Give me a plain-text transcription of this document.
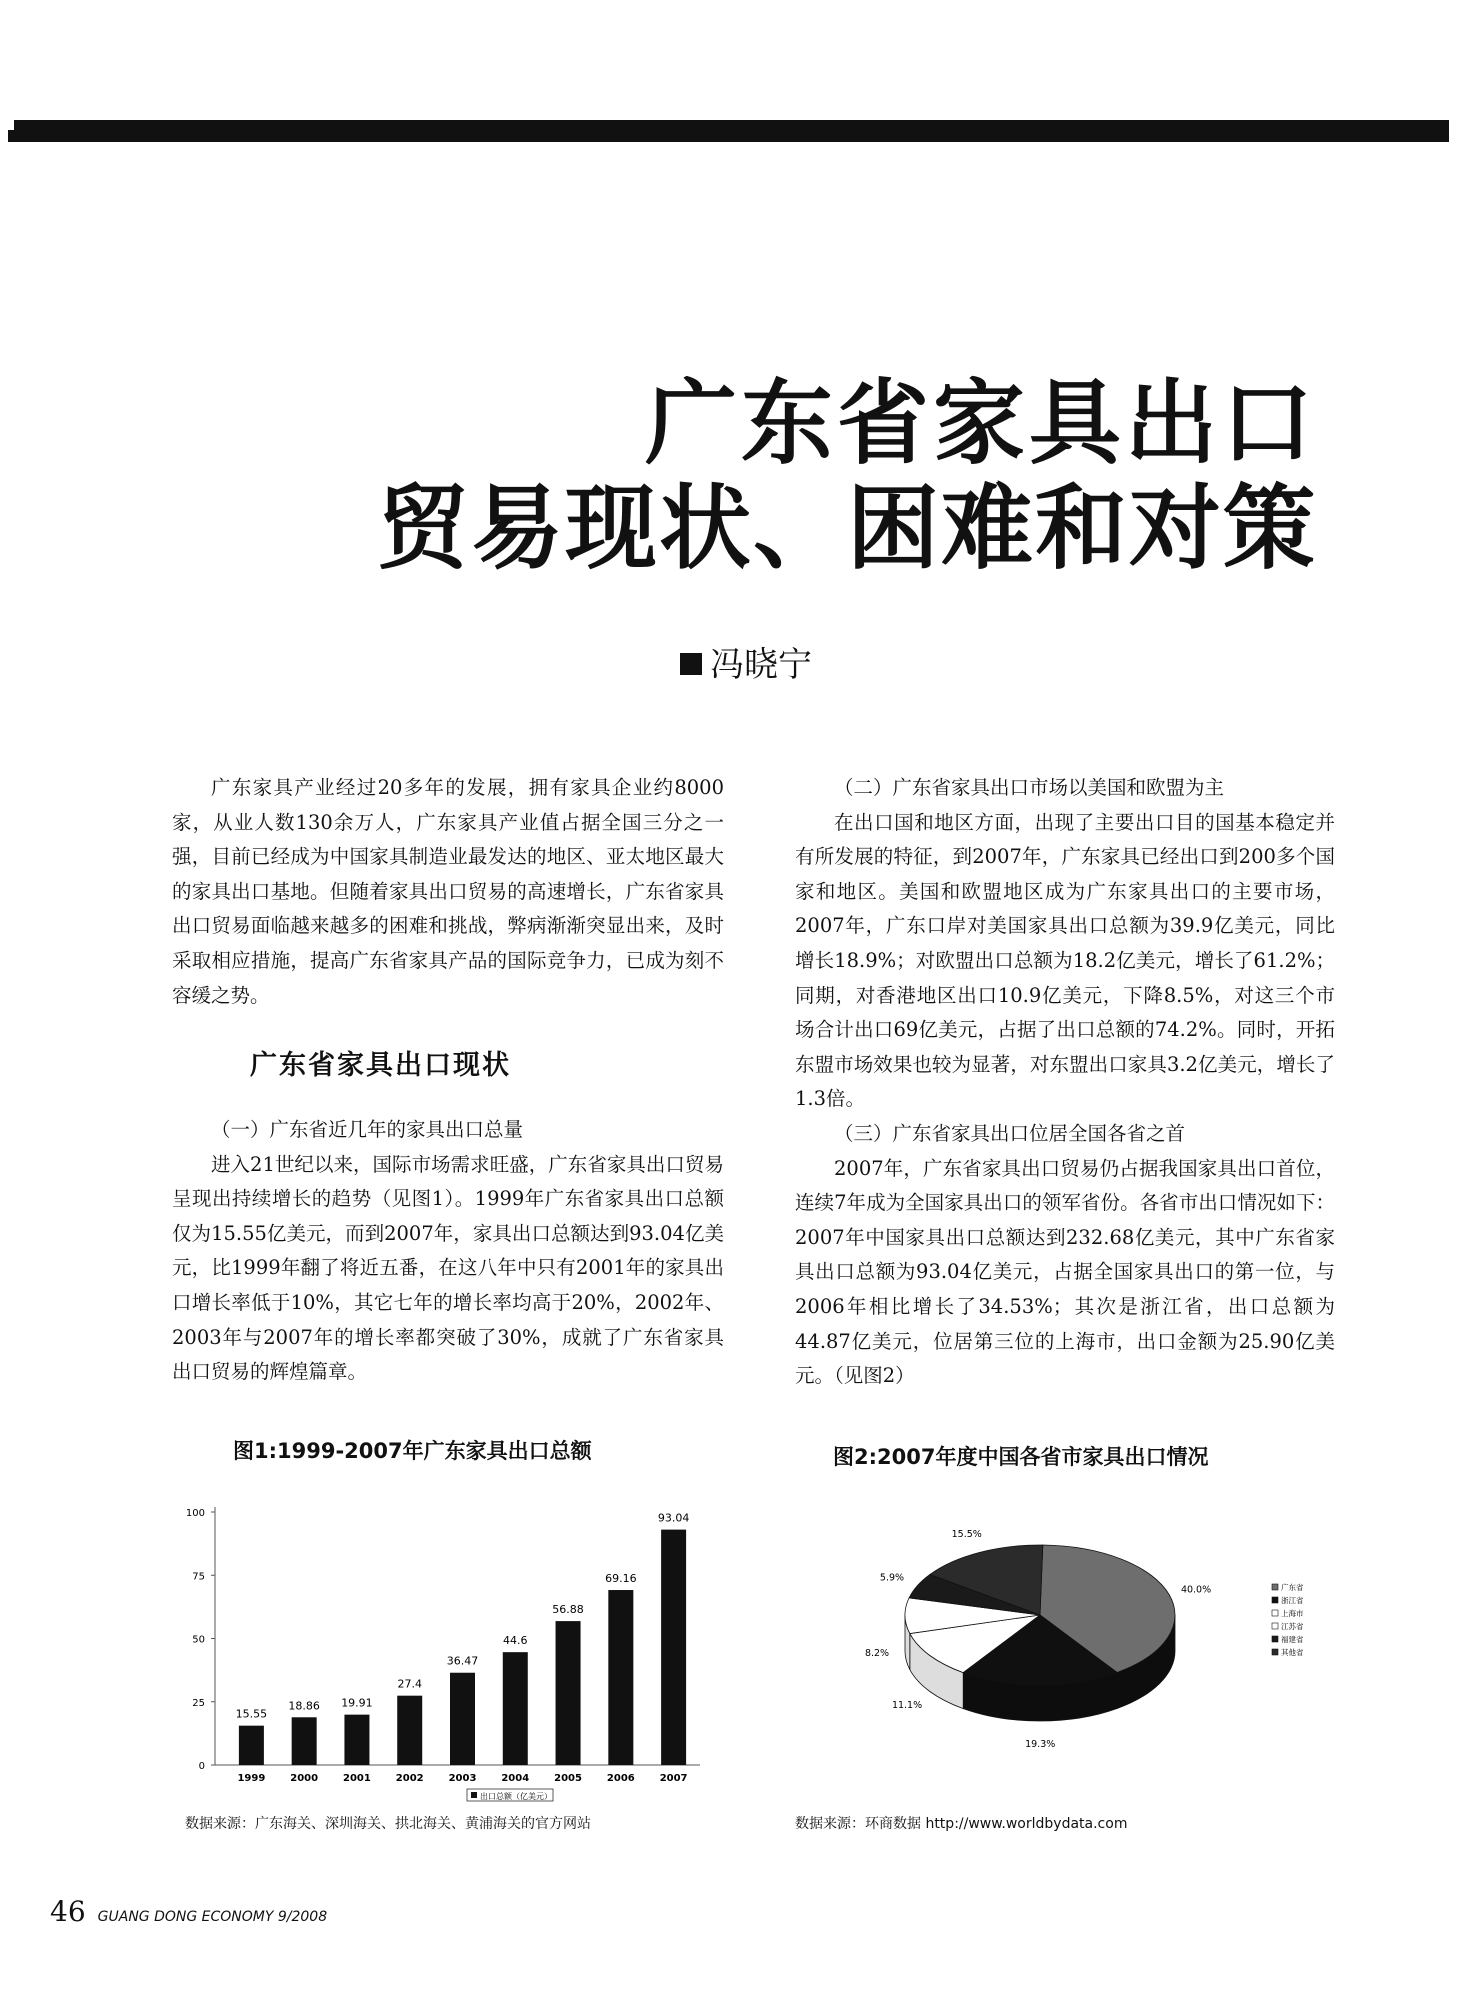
广东省家具出口
贸易现状、困难和对策
冯晓宁

广东家具产业经过20多年的发展，拥有家具企业约8000家，从业人数130余万人，广东家具产业值占据全国三分之一强，目前已经成为中国家具制造业最发达的地区、亚太地区最大的家具出口基地。但随着家具出口贸易的高速增长，广东省家具出口贸易面临越来越多的困难和挑战，弊病渐渐突显出来，及时采取相应措施，提高广东省家具产品的国际竞争力，已成为刻不容缓之势。

广东省家具出口现状

（一）广东省近几年的家具出口总量

进入21世纪以来，国际市场需求旺盛，广东省家具出口贸易呈现出持续增长的趋势（见图1）。1999年广东省家具出口总额仅为15.55亿美元，而到2007年，家具出口总额达到93.04亿美元，比1999年翻了将近五番，在这八年中只有2001年的家具出口增长率低于10%，其它七年的增长率均高于20%，2002年、2003年与2007年的增长率都突破了30%，成就了广东省家具出口贸易的辉煌篇章。

（二）广东省家具出口市场以美国和欧盟为主

在出口国和地区方面，出现了主要出口目的国基本稳定并有所发展的特征，到2007年，广东家具已经出口到200多个国家和地区。美国和欧盟地区成为广东家具出口的主要市场，2007年，广东口岸对美国家具出口总额为39.9亿美元，同比增长18.9%；对欧盟出口总额为18.2亿美元，增长了61.2%；同期，对香港地区出口10.9亿美元，下降8.5%，对这三个市场合计出口69亿美元，占据了出口总额的74.2%。同时，开拓东盟市场效果也较为显著，对东盟出口家具3.2亿美元，增长了1.3倍。

（三）广东省家具出口位居全国各省之首

2007年，广东省家具出口贸易仍占据我国家具出口首位，连续7年成为全国家具出口的领军省份。各省市出口情况如下：2007年中国家具出口总额达到232.68亿美元，其中广东省家具出口总额为93.04亿美元，占据全国家具出口的第一位，与2006年相比增长了34.53%；其次是浙江省，出口总额为44.87亿美元，位居第三位的上海市，出口金额为25.90亿美元。（见图2）

图1:1999-2007年广东家具出口总额
0
25
50
75
100
15.55
1999
18.86
2000
19.91
2001
27.4
2002
36.47
2003
44.6
2004
56.88
2005
69.16
2006
93.04
2007
出口总额（亿美元）
数据来源：广东海关、深圳海关、拱北海关、黄浦海关的官方网站
图2:2007年度中国各省市家具出口情况
40.0%
19.3%
11.1%
8.2%
5.9%
15.5%
广东省
浙江省
上海市
江苏省
福建省
其他省
数据来源：环商数据 http://www.worldbydata.com
46 GUANG DONG ECONOMY 9/2008
